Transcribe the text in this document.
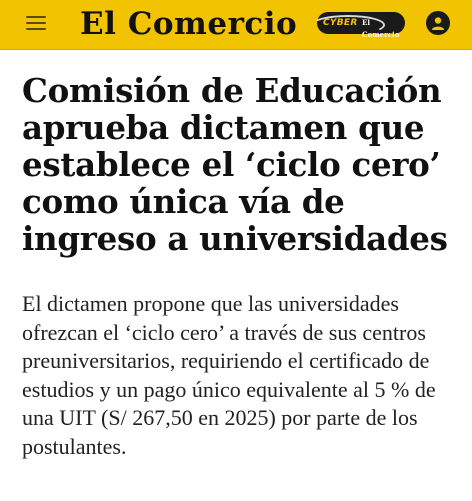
El Comercio	CYBER El Comercio
Comisión de Educación aprueba dictamen que establece el ‘ciclo cero’ como única vía de ingreso a universidades

El dictamen propone que las universidades ofrezcan el ‘ciclo cero’ a través de sus centros preuniversitarios, requiriendo el certificado de estudios y un pago único equivalente al 5 % de una UIT (S/ 267,50 en 2025) por parte de los postulantes.
